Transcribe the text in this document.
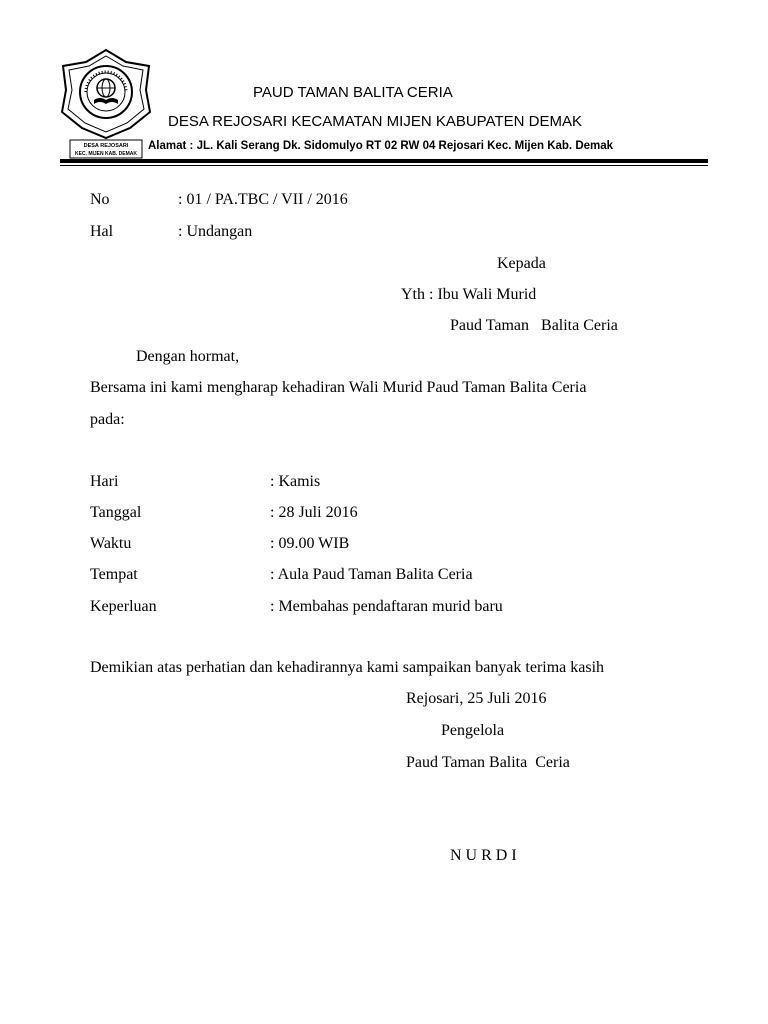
DESA REJOSARI
KEC. MIJEN KAB. DEMAK
PAUD TAMAN BALITA CERIA
DESA REJOSARI KECAMATAN MIJEN KABUPATEN DEMAK
Alamat : JL. Kali Serang Dk. Sidomulyo RT 02 RW 04 Rejosari Kec. Mijen Kab. Demak
No	: 01 / PA.TBC / VII / 2016
Hal	: Undangan
Kepada
Yth : Ibu Wali Murid
Paud Taman   Balita Ceria
Dengan hormat,
Bersama ini kami mengharap kehadiran Wali Murid Paud Taman Balita Ceria
pada:
Hari	: Kamis
Tanggal	: 28 Juli 2016
Waktu	: 09.00 WIB
Tempat	: Aula Paud Taman Balita Ceria
Keperluan	: Membahas pendaftaran murid baru
Demikian atas perhatian dan kehadirannya kami sampaikan banyak terima kasih
Rejosari, 25 Juli 2016
Pengelola
Paud Taman Balita  Ceria
N U R D I
